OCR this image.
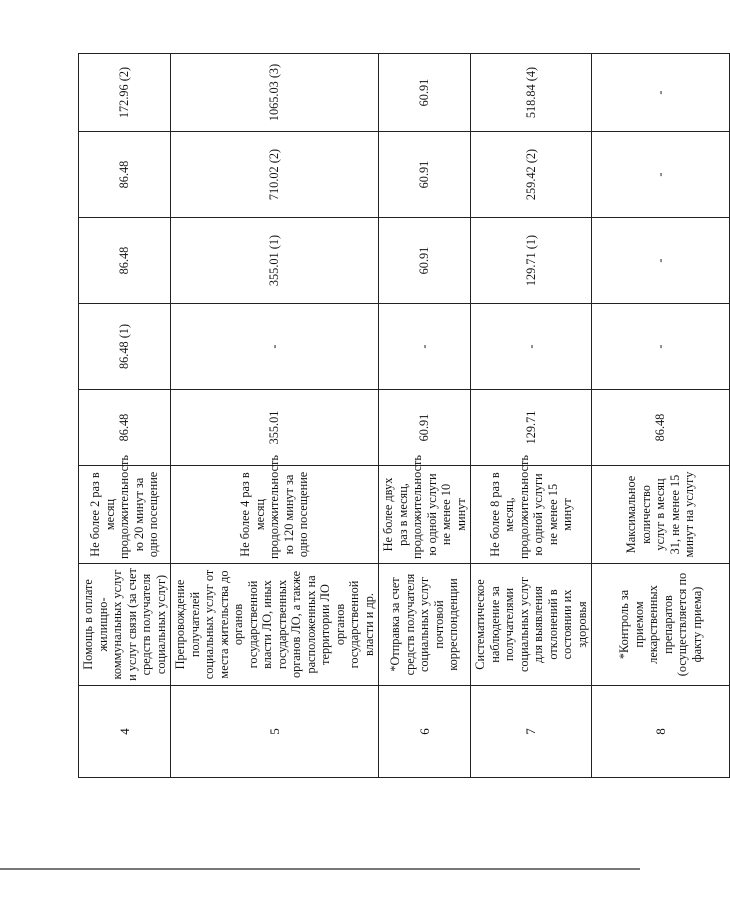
4	Помощь в оплате жилищно-коммунальных услуг и услуг связи (за счет средств получателя социальных услуг)	Не более 2 раз в месяц продолжительность ю 20 минут за одно посещение	86.48	86.48 (1)	86.48	86.48	172.96 (2)
5	Препровождение получателей социальных услуг от места жительства до органов государственной власти ЛО, иных государственных органов ЛО, а также расположенных на территории ЛО органов государственной власти и др.	Не более 4 раз в месяц продолжительность ю 120 минут за одно посещение	355.01	-	355.01 (1)	710.02 (2)	1065.03 (3)
6	*Отправка за счет средств получателя социальных услуг почтовой корреспонденции	Не более двух раз в месяц, продолжительность ю одной услуги не менее 10 минут	60.91	-	60.91	60.91	60.91
7	Систематическое наблюдение за получателями социальных услуг для выявления отклонений в состоянии их здоровья	Не более 8 раз в месяц, продолжительность ю одной услуги не менее 15 минут	129.71	-	129.71 (1)	259.42 (2)	518.84 (4)
8	*Контроль за приемом лекарственных препаратов (осуществляется по факту приема)	Максимальное количество услуг в месяц 31, не менее 15 минут на услугу	86.48	-	-	-	-
